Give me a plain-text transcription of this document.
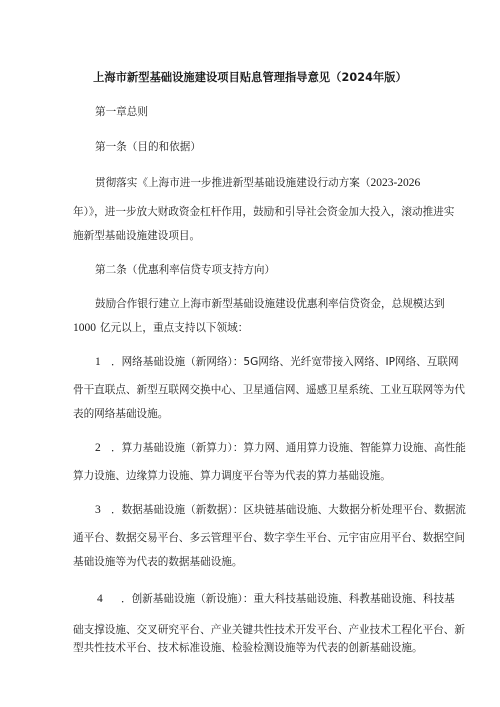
上海市新型基础设施建设项目贴息管理指导意见（2024年版）
第一章总则
第一条（目的和依据）
贯彻落实《上海市进一步推进新型基础设施建设行动方案（2023-2026
年）》，进一步放大财政资金杠杆作用，鼓励和引导社会资金加大投入，滚动推进实
施新型基础设施建设项目。
第二条（优惠利率信贷专项支持方向）
鼓励合作银行建立上海市新型基础设施建设优惠利率信贷资金，总规模达到
1000 亿元以上，重点支持以下领域：
1 ．网络基础设施（新网络）：5G网络、光纤宽带接入网络、IP网络、互联网
骨干直联点、新型互联网交换中心、卫星通信网、遥感卫星系统、工业互联网等为代
表的网络基础设施。
2 ．算力基础设施（新算力）：算力网、通用算力设施、智能算力设施、高性能
算力设施、边缘算力设施、算力调度平台等为代表的算力基础设施。
3 ．数据基础设施（新数据）：区块链基础设施、大数据分析处理平台、数据流
通平台、数据交易平台、多云管理平台、数字孪生平台、元宇宙应用平台、数据空间
基础设施等为代表的数据基础设施。
4 ．创新基础设施（新设施）：重大科技基础设施、科教基础设施、科技基
础支撑设施、交叉研究平台、产业关键共性技术开发平台、产业技术工程化平台、新
型共性技术平台、技术标准设施、检验检测设施等为代表的创新基础设施。
